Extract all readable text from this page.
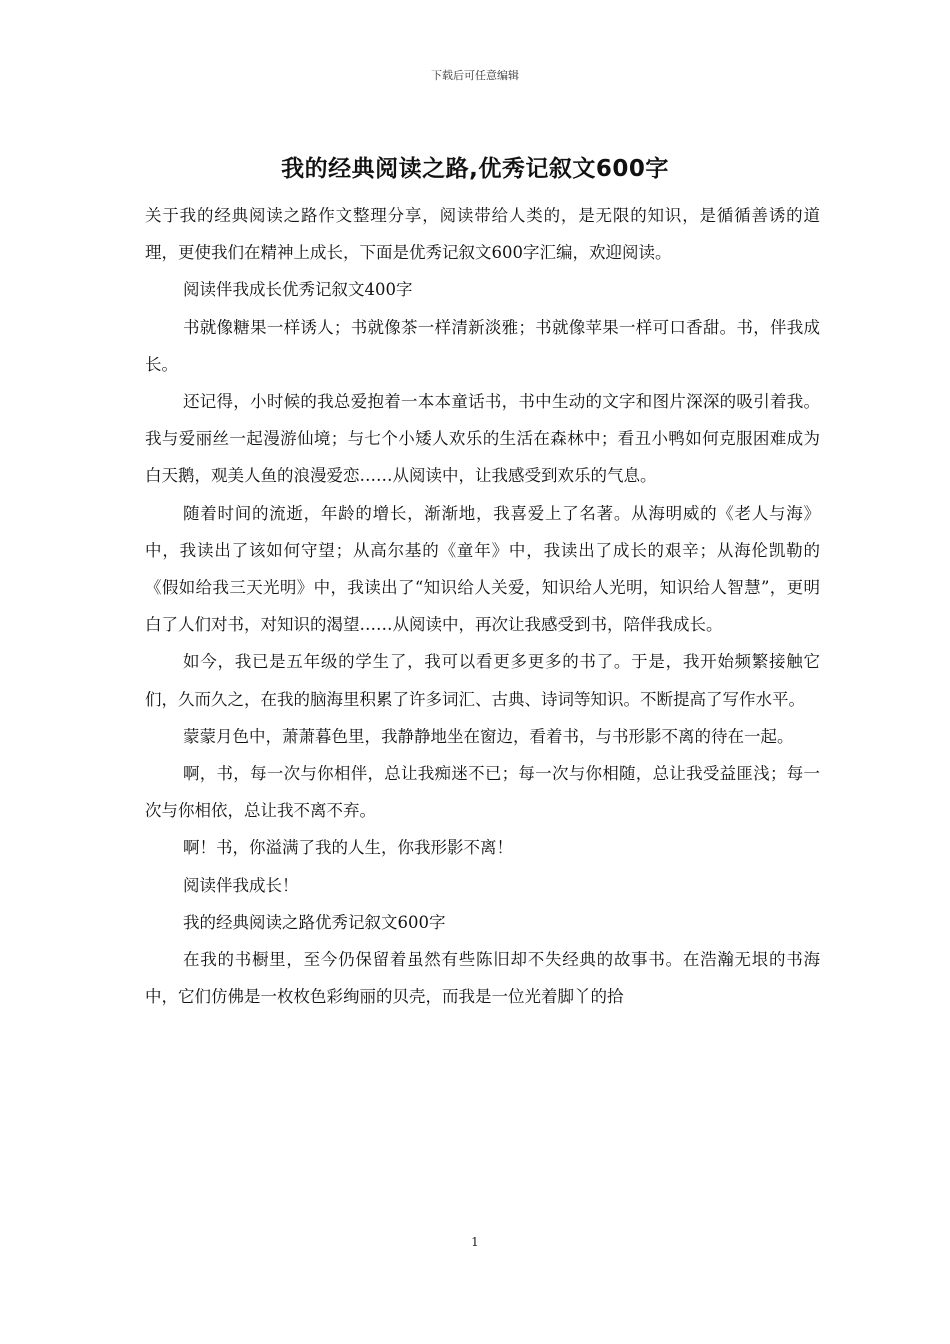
下载后可任意编辑
我的经典阅读之路,优秀记叙文600字

关于我的经典阅读之路作文整理分享，阅读带给人类的，是无限的知识，是循循善诱的道理，更使我们在精神上成长，下面是优秀记叙文600字汇编，欢迎阅读。

阅读伴我成长优秀记叙文400字

书就像糖果一样诱人；书就像茶一样清新淡雅；书就像苹果一样可口香甜。书，伴我成长。

还记得，小时候的我总爱抱着一本本童话书，书中生动的文字和图片深深的吸引着我。我与爱丽丝一起漫游仙境；与七个小矮人欢乐的生活在森林中；看丑小鸭如何克服困难成为白天鹅，观美人鱼的浪漫爱恋……从阅读中，让我感受到欢乐的气息。

随着时间的流逝，年龄的增长，渐渐地，我喜爱上了名著。从海明威的《老人与海》中，我读出了该如何守望；从高尔基的《童年》中，我读出了成长的艰辛；从海伦凯勒的《假如给我三天光明》中，我读出了“知识给人关爱，知识给人光明，知识给人智慧”，更明白了人们对书，对知识的渴望……从阅读中，再次让我感受到书，陪伴我成长。

如今，我已是五年级的学生了，我可以看更多更多的书了。于是，我开始频繁接触它们，久而久之，在我的脑海里积累了许多词汇、古典、诗词等知识。不断提高了写作水平。

蒙蒙月色中，萧萧暮色里，我静静地坐在窗边，看着书，与书形影不离的待在一起。

啊，书，每一次与你相伴，总让我痴迷不已；每一次与你相随，总让我受益匪浅；每一次与你相依，总让我不离不弃。

啊！书，你溢满了我的人生，你我形影不离！

阅读伴我成长！

我的经典阅读之路优秀记叙文600字

在我的书橱里，至今仍保留着虽然有些陈旧却不失经典的故事书。在浩瀚无垠的书海中，它们仿佛是一枚枚色彩绚丽的贝壳，而我是一位光着脚丫的拾

1
